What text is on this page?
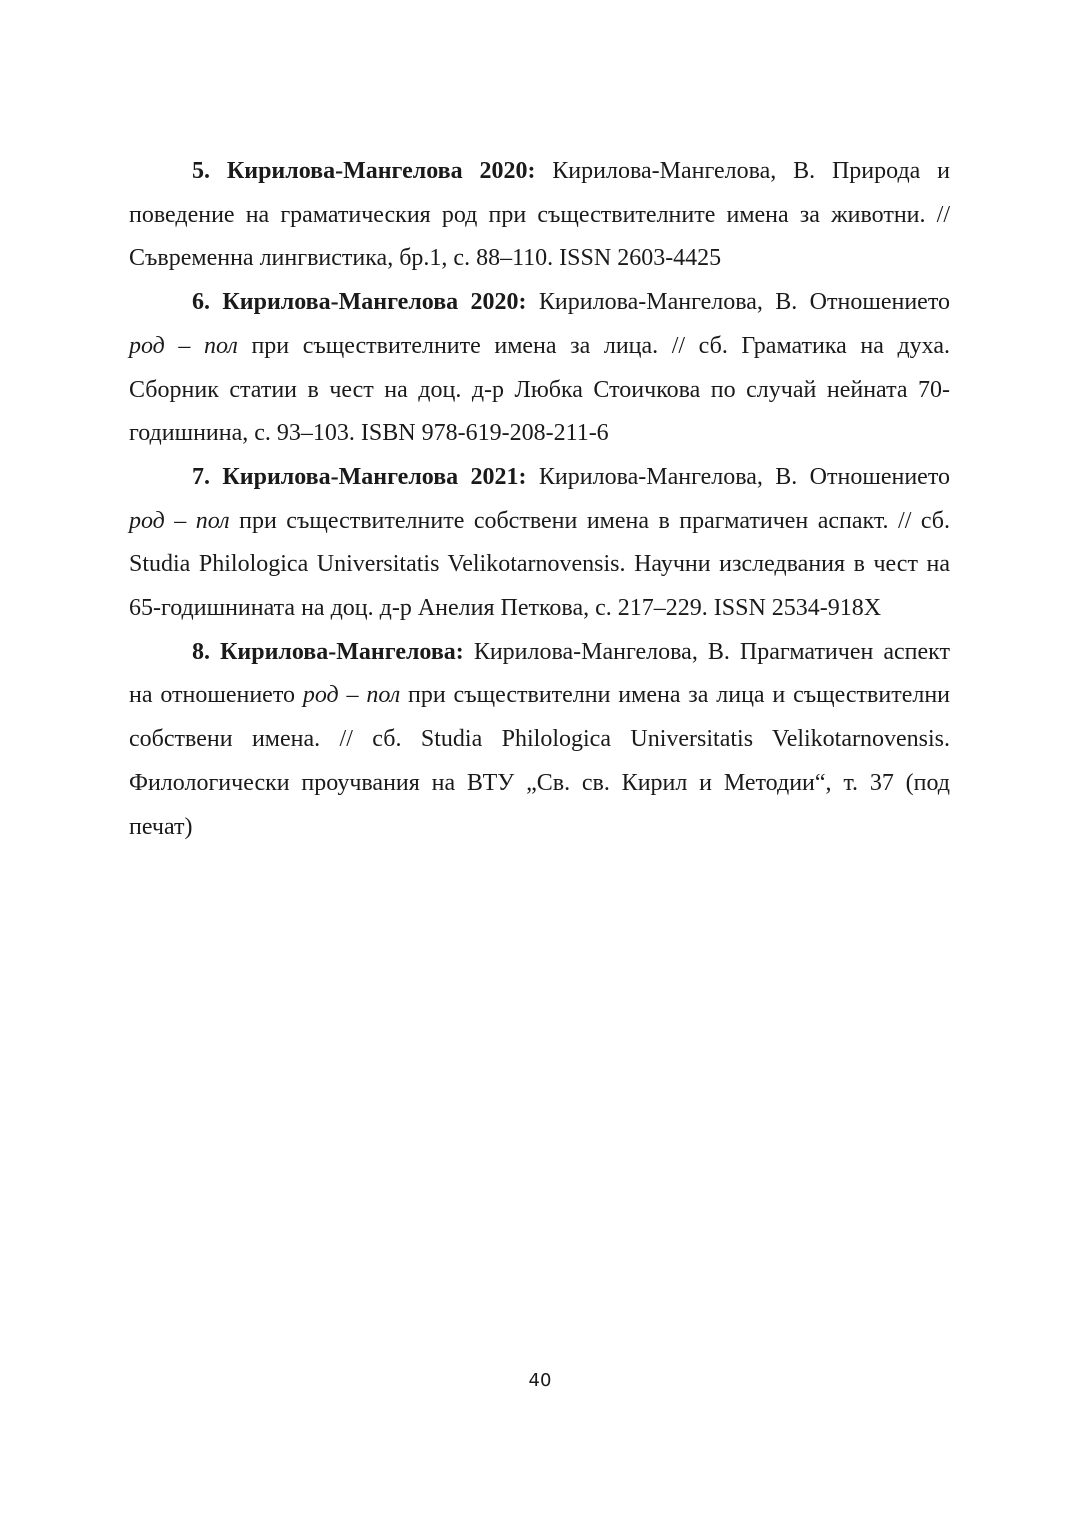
5. Кирилова-Мангелова 2020: Кирилова-Мангелова, В. Природа и поведение на граматическия род при съществителните имена за животни. // Съвременна лингвистика, бр.1, с. 88–110. ISSN 2603-4425

6. Кирилова-Мангелова 2020: Кирилова-Мангелова, В. Отношението род – пол при съществителните имена за лица. // сб. Граматика на духа. Сборник статии в чест на доц. д-р Любка Стоичкова по случай нейната 70-годишнина, с. 93–103. ISBN 978-619-208-211-6

7. Кирилова-Мангелова 2021: Кирилова-Мангелова, В. Отношението род – пол при съществителните собствени имена в прагматичен аспакт. // сб. Studia Philologica Universitatis Velikotarnovensis. Научни изследвания в чест на 65-годишнината на доц. д-р Анелия Петкова, с. 217–229. ISSN 2534-918X

8. Кирилова-Мангелова: Кирилова-Мангелова, В. Прагматичен аспект на отношението род – пол при съществителни имена за лица и съществителни собствени имена. // сб. Studia Philologica Universitatis Velikotarnovensis. Филологически проучвания на ВТУ „Св. св. Кирил и Методии“, т. 37 (под печат)

40
